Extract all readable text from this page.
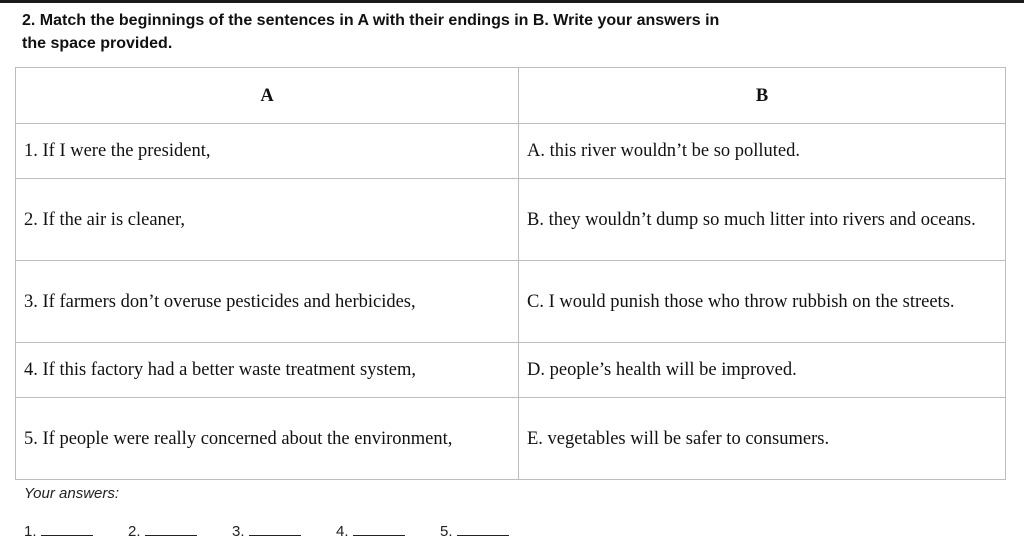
2. Match the beginnings of the sentences in A with their endings in B. Write your answers in
the space provided.
A	B
1. If I were the president,	A. this river wouldn’t be so polluted.
2. If the air is cleaner,	B. they wouldn’t dump so much litter into rivers and oceans.
3. If farmers don’t overuse pesticides and herbicides,	C. I would punish those who throw rubbish on the streets.
4. If this factory had a better waste treatment system,	D. people’s health will be improved.
5. If people were really concerned about the environment,	E. vegetables will be safer to consumers.
Your answers:
1.	2.	3.	4.	5.
